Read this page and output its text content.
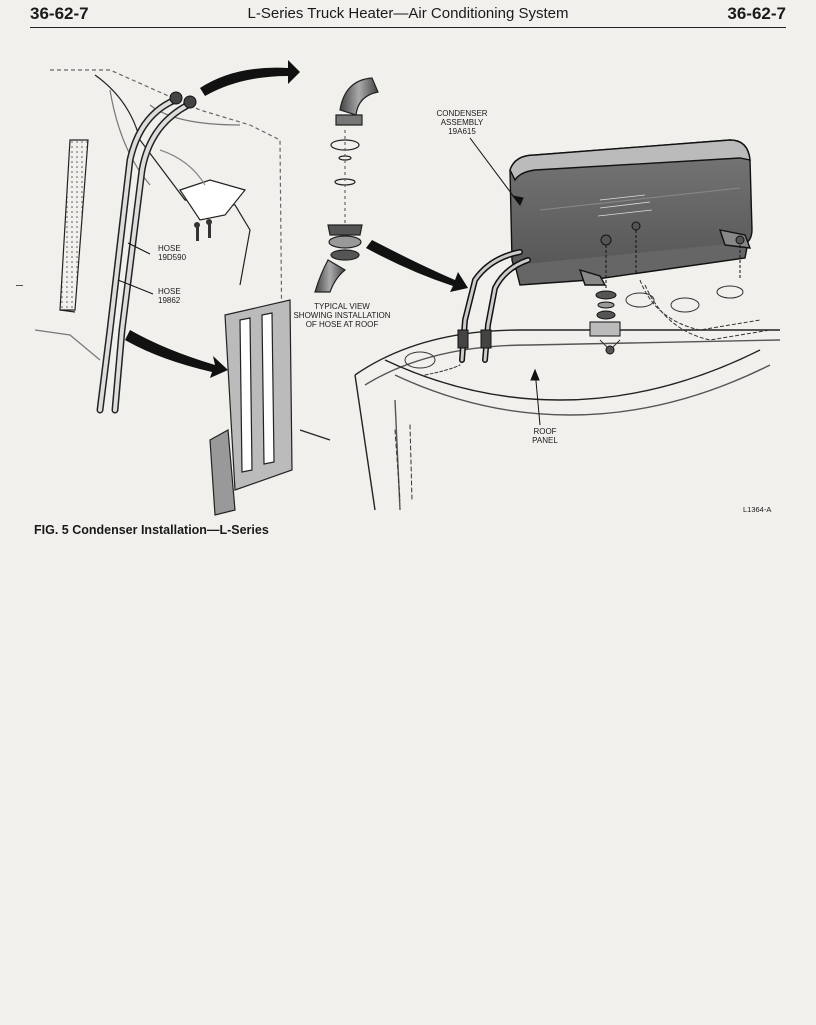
36-62-7	L-Series Truck Heater—Air Conditioning System	36-62-7

CONDENSER
ASSEMBLY
19A615
HOSE
19D590
HOSE
19862
TYPICAL VIEW
SHOWING INSTALLATION
OF HOSE AT ROOF
ROOF
PANEL
L1364-A
FIG. 5 Condenser Installation—L-Series
